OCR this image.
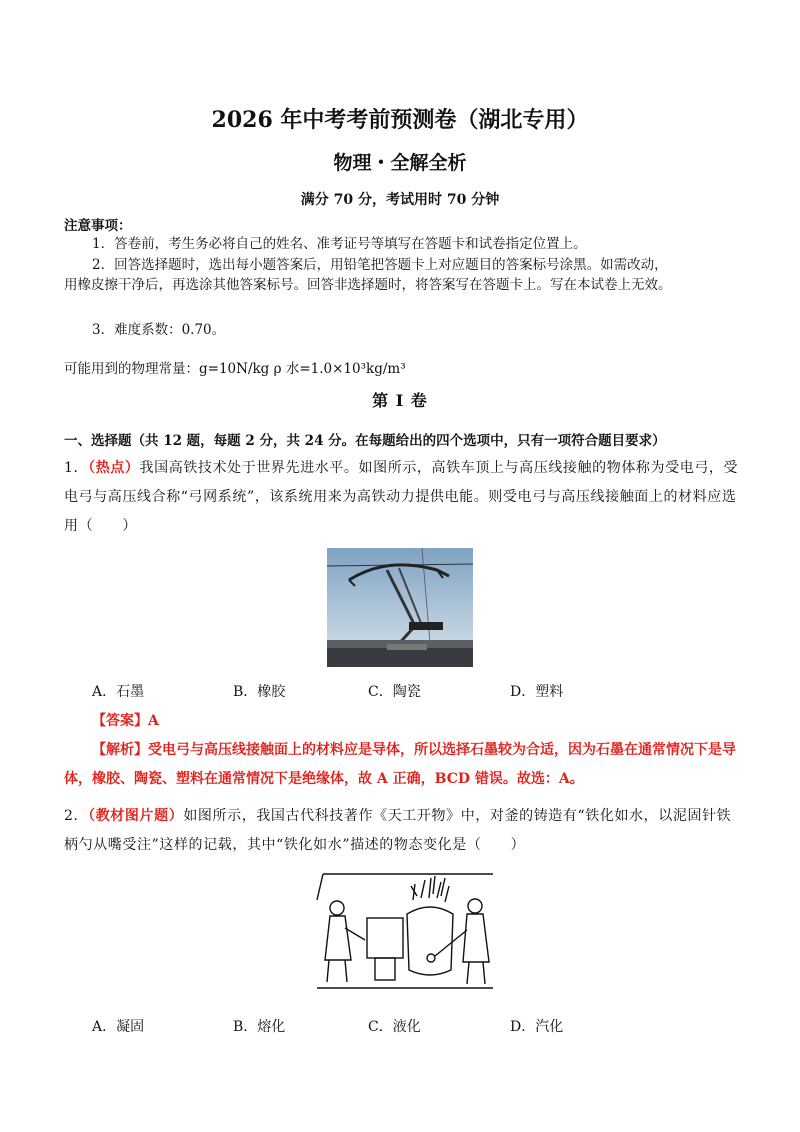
2026 年中考考前预测卷（湖北专用）
物理・全解全析
满分 70 分，考试用时 70 分钟
注意事项：
1．答卷前，考生务必将自己的姓名、准考证号等填写在答题卡和试卷指定位置上。
2．回答选择题时，选出每小题答案后，用铅笔把答题卡上对应题目的答案标号涂黑。如需改动，用橡皮擦干净后，再选涂其他答案标号。回答非选择题时，将答案写在答题卡上。写在本试卷上无效。
3．难度系数：0.70。
可能用到的物理常量：g=10N/kg ρ 水=1.0×10³kg/m³
第 I 卷
一、选择题（共 12 题，每题 2 分，共 24 分。在每题给出的四个选项中，只有一项符合题目要求）
1．（热点）我国高铁技术处于世界先进水平。如图所示，高铁车顶上与高压线接触的物体称为受电弓，受电弓与高压线合称“弓网系统”，该系统用来为高铁动力提供电能。则受电弓与高压线接触面上的材料应选用（　　）
A．石墨	B．橡胶	C．陶瓷	D．塑料
【答案】A
【解析】受电弓与高压线接触面上的材料应是导体，所以选择石墨较为合适，因为石墨在通常情况下是导体，橡胶、陶瓷、塑料在通常情况下是绝缘体，故 A 正确，BCD 错误。故选：A。
2．（教材图片题）如图所示，我国古代科技著作《天工开物》中，对釜的铸造有“铁化如水，以泥固针铁柄勺从嘴受注”这样的记载，其中“铁化如水”描述的物态变化是（　　）
A．凝固	B．熔化	C．液化	D．汽化
